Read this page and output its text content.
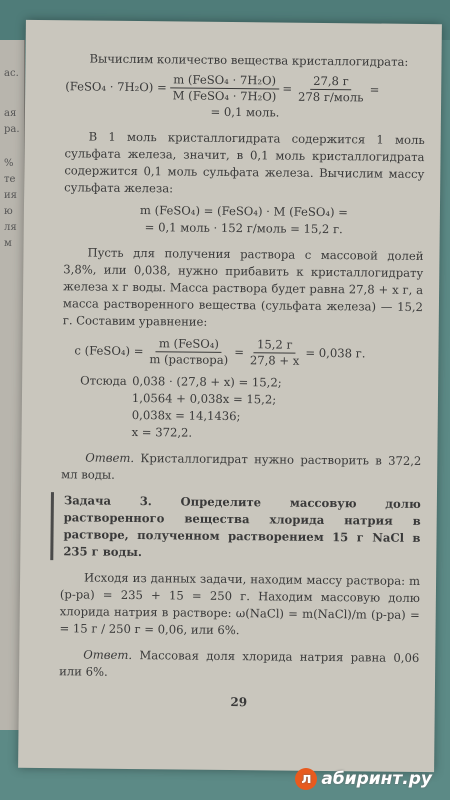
ас.
ая
ра.
%
те
ия
ю
ля
м

Вычислим количество вещества кристаллогидрата:

(FeSO₄ · $7H_2O) = \frac{\text{m (FeSO₄ · 7H₂O)}}{\text{M (FeSO₄ · 7H₂O)}} = \frac{27,8 г}{\text{278 г/моль}}$ =

= 0,1 моль.

В 1 моль кристаллогидрата содержится 1 моль сульфата железа, значит, в 0,1 моль кристаллогидрата содержится 0,1 моль сульфата железа. Вычислим массу сульфата железа:

m (FeSO₄) = (FeSO₄) · M (FeSO₄) =

= 0,1 моль · 152 г/моль = 15,2 г.

Пусть для получения раствора с массовой долей 3,8%, или 0,038, нужно прибавить к кристаллогидрату железа x г воды. Масса раствора будет равна 27,8 + x г, а масса растворенного вещества (сульфата железа) — 15,2 г. Составим уравнение:

c (FeSO₄) = $\frac{\text{m (FeSO₄)}}{\text{m (раствора)}} = \frac{15,2 г}{27,8 + x} = 0,038$ г.

Отсюда 0,038 · (27,8 + x) = 15,2;

1,0564 + 0,038x = 15,2;

0,038x = 14,1436;

x = 372,2.

Ответ. Кристаллогидрат нужно растворить в 372,2 мл воды.

Задача 3. Определите массовую долю растворенного вещества хлорида натрия в растворе, полученном растворением 15 г NaCl в 235 г воды.

Исходя из данных задачи, находим массу раствора: m (р-ра) = 235 + 15 = 250 г. Находим массовую долю хлорида натрия в растворе: ω(NaCl) = m(NaCl)/m (р-ра) = = 15 г / 250 г = 0,06, или 6%.

Ответ. Массовая доля хлорида натрия равна 0,06 или 6%.

29

л абиринт.ру
